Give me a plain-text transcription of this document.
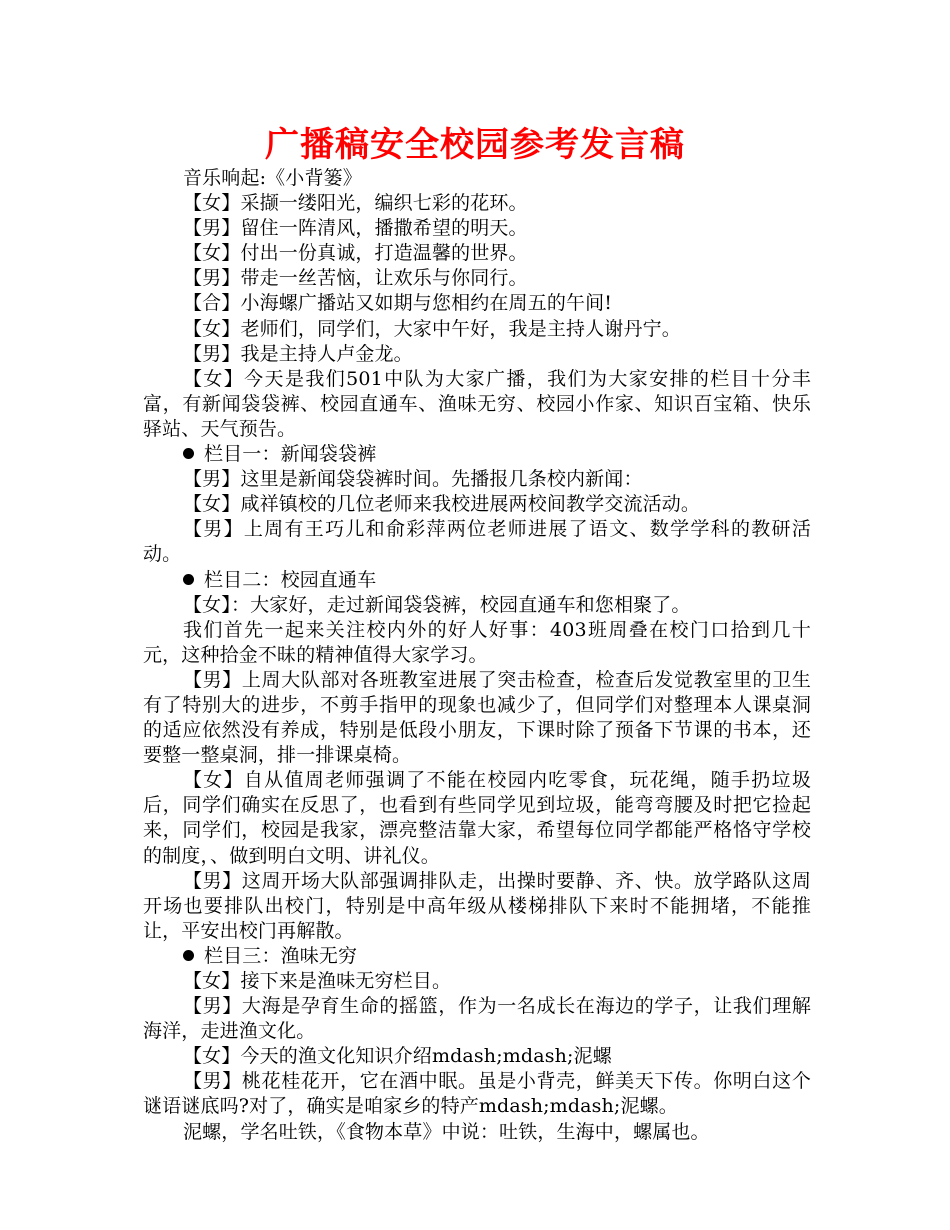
广播稿安全校园参考发言稿

音乐响起:《小背篓》

【女】采撷一缕阳光，编织七彩的花环。

【男】留住一阵清风，播撒希望的明天。

【女】付出一份真诚，打造温馨的世界。

【男】带走一丝苦恼，让欢乐与你同行。

【合】小海螺广播站又如期与您相约在周五的午间!

【女】老师们，同学们，大家中午好，我是主持人谢丹宁。

【男】我是主持人卢金龙。

【女】今天是我们501中队为大家广播，我们为大家安排的栏目十分丰富，有新闻袋袋裤、校园直通车、渔味无穷、校园小作家、知识百宝箱、快乐驿站、天气预告。

栏目一：新闻袋袋裤

【男】这里是新闻袋袋裤时间。先播报几条校内新闻：

【女】咸祥镇校的几位老师来我校进展两校间教学交流活动。

【男】上周有王巧儿和俞彩萍两位老师进展了语文、数学学科的教研活动。

栏目二：校园直通车

【女】：大家好，走过新闻袋袋裤，校园直通车和您相聚了。

我们首先一起来关注校内外的好人好事：403班周叠在校门口拾到几十元，这种拾金不昧的精神值得大家学习。

【男】上周大队部对各班教室进展了突击检查，检查后发觉教室里的卫生有了特别大的进步，不剪手指甲的现象也减少了，但同学们对整理本人课桌洞的适应依然没有养成，特别是低段小朋友，下课时除了预备下节课的书本，还要整一整桌洞，排一排课桌椅。

【女】自从值周老师强调了不能在校园内吃零食，玩花绳，随手扔垃圾后，同学们确实在反思了，也看到有些同学见到垃圾，能弯弯腰及时把它捡起来，同学们，校园是我家，漂亮整洁靠大家，希望每位同学都能严格恪守学校的制度，、做到明白文明、讲礼仪。

【男】这周开场大队部强调排队走，出操时要静、齐、快。放学路队这周开场也要排队出校门，特别是中高年级从楼梯排队下来时不能拥堵，不能推让，平安出校门再解散。

栏目三：渔味无穷

【女】接下来是渔味无穷栏目。

【男】大海是孕育生命的摇篮，作为一名成长在海边的学子，让我们理解海洋，走进渔文化。

【女】今天的渔文化知识介绍mdash;mdash;泥螺

【男】桃花桂花开，它在酒中眠。虽是小背壳，鲜美天下传。你明白这个谜语谜底吗?对了，确实是咱家乡的特产mdash;mdash;泥螺。

泥螺，学名吐铁，《食物本草》中说：吐铁，生海中，螺属也。
